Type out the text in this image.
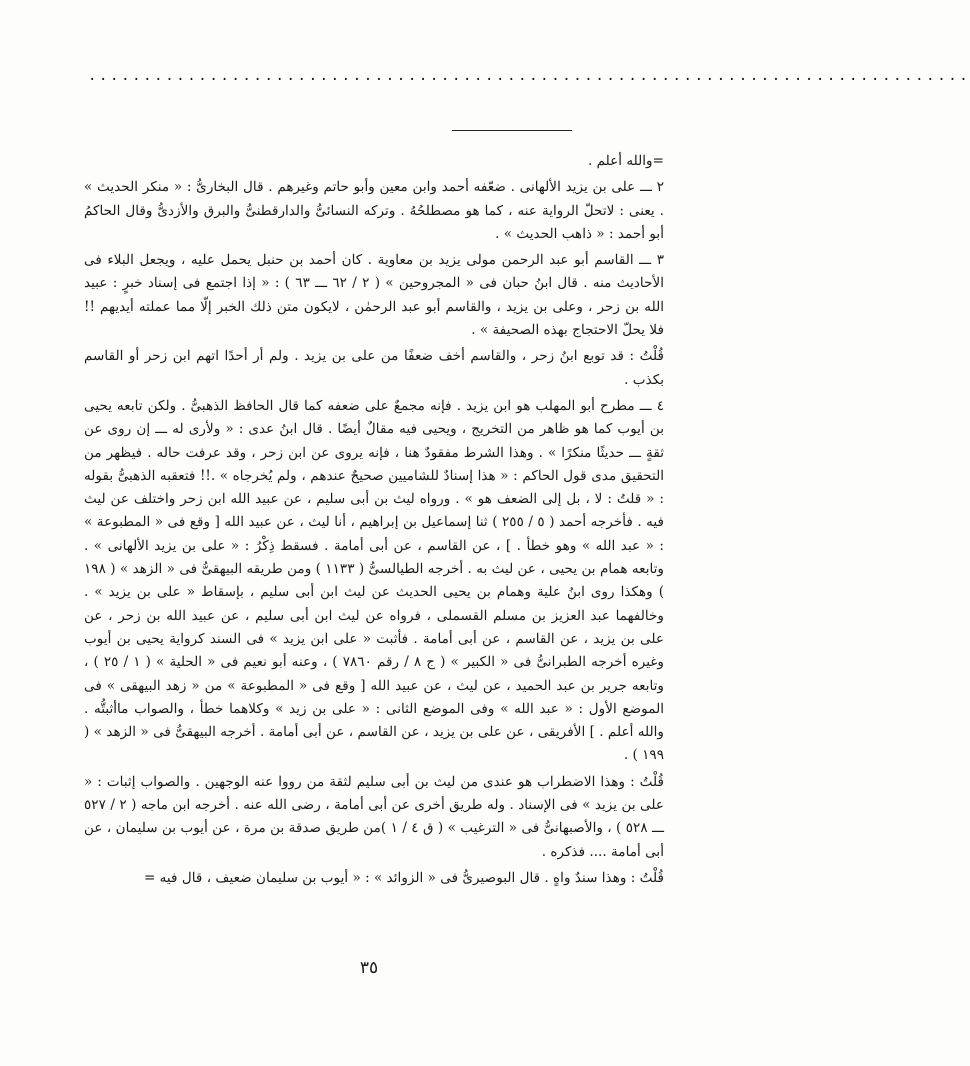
................................................................................

=والله أعلم .

٢ ـــ على بن يزيد الألهانى . ضعّفه أحمد وابن معين وأبو حاتم وغيرهم . قال البخارىُّ : « منكر الحديث » . يعنى : لاتحلّ الرواية عنه ، كما هو مصطلحُهُ . وتركه النسائىُّ والدارقطنىُّ والبرق والأزدىُّ وقال الحاكمُ أبو أحمد : « ذاهب الحديث » .

٣ ـــ القاسم أبو عبد الرحمن مولى يزيد بن معاوية . كان أحمد بن حنبل يحمل عليه ، ويجعل البلاء فى الأحاديث منه . قال ابنُ حبان فى « المجروحين » ( ٢ / ٦٢ ـــ ٦٣ ) : « إذا اجتمع فى إسناد خبرٍ : عبيد الله بن زحر ، وعلى بن يزيد ، والقاسم أبو عبد الرحمٰن ، لايكون متن ذلك الخبر إلّا مما عملته أيديهم !! فلا يحلّ الاحتجاج بهذه الصحيفة » .

قُلْتُ : قد توبع ابنُ زحر ، والقاسم أخف ضعفًا من على بن يزيد . ولم أر أحدًا اتهم ابن زحر أو القاسم بكذب .

٤ ـــ مطرح أبو المهلب هو ابن يزيد . فإنه مجمعٌ على ضعفه كما قال الحافظ الذهبىُّ . ولكن تابعه يحيى بن أيوب كما هو ظاهر من التخريج ، ويحيى فيه مقالٌ أيضًا . قال ابنُ عدى : « ولأرى له ـــ إن روى عن ثقةٍ ـــ حديثًا منكرًا » . وهذا الشرط مفقودٌ هنا ، فإنه يروى عن ابن زحر ، وقد عرفت حاله . فيظهر من التحقيق مدى قول الحاكم : « هذا إسنادٌ للشاميين صحيحٌ عندهم ، ولم يُخرجاه » .!! فتعقبه الذهبىُّ بقوله : « قلتُ : لا ، بل إلى الضعف هو » . ورواه ليث بن أبى سليم ، عن عبيد الله ابن زحر واختلف عن ليث فيه . فأخرجه أحمد ( ٥ / ٢٥٥ ) ثنا إسماعيل بن إبراهيم ، أنا ليث ، عن عبيد الله [ وقع فى « المطبوعة » : « عبد الله » وهو خطأ . ] ، عن القاسم ، عن أبى أمامة . فسقط ذِكْرُ : « على بن يزيد الألهانى » . وتابعه همام بن يحيى ، عن ليث به . أخرجه الطيالسىُّ ( ١١٣٣ ) ومن طريقه البيهقىُّ فى « الزهد » ( ١٩٨ ) وهكذا روى ابنُ علية وهمام بن يحيى الحديث عن ليث ابن أبى سليم ، بإسقاط « على بن يزيد » . وخالفهما عبد العزيز بن مسلم القسملى ، فرواه عن ليث ابن أبى سليم ، عن عبيد الله بن زحر ، عن على بن يزيد ، عن القاسم ، عن أبى أمامة . فأثبت « على ابن يزيد » فى السند كرواية يحيى بن أيوب وغيره أخرجه الطبرانىُّ فى « الكبير » ( ج ٨ / رقم ٧٨٦٠ ) ، وعنه أبو نعيم فى « الحلية » ( ١ / ٢٥ ) ، وتابعه جرير بن عبد الحميد ، عن ليث ، عن عبيد الله [ وقع فى « المطبوعة » من « زهد البيهقى » فى الموضع الأول : « عبد الله » وفى الموضع الثانى : « على بن زيد » وكلاهما خطأ ، والصواب ماأثبتُّه . والله أعلم . ] الأفريقى ، عن على بن يزيد ، عن القاسم ، عن أبى أمامة . أخرجه البيهقىُّ فى « الزهد » ( ١٩٩ ) .

قُلْتُ : وهذا الاضطراب هو عندى من ليث بن أبى سليم لثقة من رووا عنه الوجهين . والصواب إثبات : « على بن يزيد » فى الإسناد . وله طريق أخرى عن أبى أمامة ، رضى الله عنه . أخرجه ابن ماجه ( ٢ / ٥٢٧ ـــ ٥٢٨ ) ، والأصبهانىُّ فى « الترغيب » ( ق ٤ / ١ )من طريق صدقة بن مرة ، عن أيوب بن سليمان ، عن أبى أمامة .... فذكره .

قُلْتُ : وهذا سندٌ واهٍ . قال البوصيرىُّ فى « الزوائد » : « أيوب بن سليمان ضعيف ، قال فيه =

٣٥
